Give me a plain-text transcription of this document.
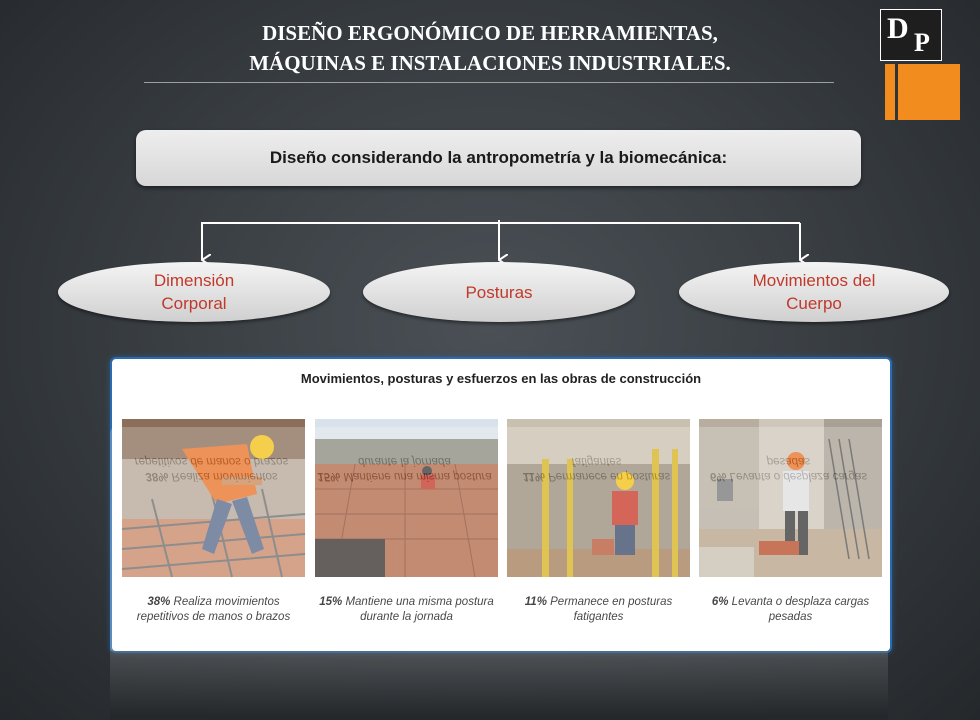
DISEÑO ERGONÓMICO DE HERRAMIENTAS,
MÁQUINAS E INSTALACIONES INDUSTRIALES.
D P
Diseño considerando la antropometría y la biomecánica:
Dimensión Corporal
Posturas
Movimientos del Cuerpo
Movimientos, posturas y esfuerzos en las obras de construcción
38% Realiza movimientos repetitivos de manos o brazos
15% Mantiene una misma postura durante la jornada
11% Permanece en posturas fatigantes
6% Levanta o desplaza cargas pesadas
38% Realiza movimientos repetitivos de manos o brazos
15% Mantiene una misma postura durante la jornada
11% Permanece en posturas fatigantes
6% Levanta o desplaza cargas pesadas
